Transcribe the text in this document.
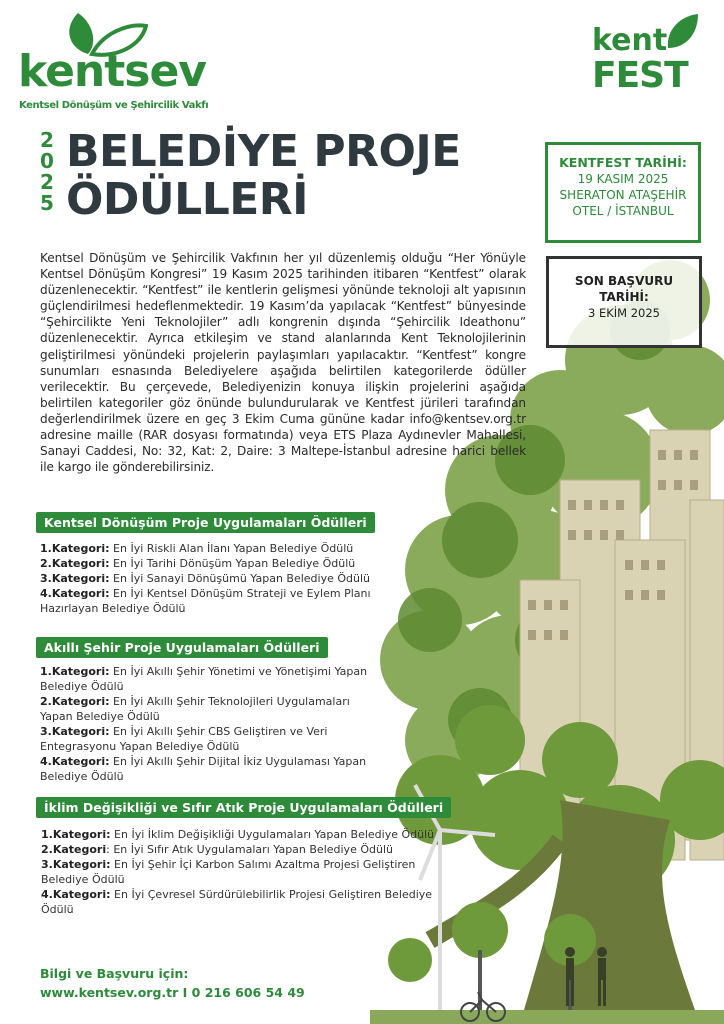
kentsev
Kentsel Dönüşüm ve Şehircilik Vakfı
kent
FEST
2
0
2
5
BELEDİYE PROJE
ÖDÜLLERİ
KENTFEST TARİHİ:
19 KASIM 2025
SHERATON ATAŞEHİR
OTEL / İSTANBUL
SON BAŞVURU
TARİHİ:
3 EKİM 2025
Kentsel Dönüşüm ve Şehircilik Vakfının her yıl düzenlemiş olduğu “Her Yönüyle Kentsel Dönüşüm Kongresi” 19 Kasım 2025 tarihinden itibaren “Kentfest” olarak düzenlenecektir. “Kentfest” ile kentlerin gelişmesi yönünde teknoloji alt yapısının güçlendirilmesi hedeflenmektedir. 19 Kasım’da yapılacak “Kentfest” bünyesinde “Şehircilikte Yeni Teknolojiler” adlı kongrenin dışında “Şehircilik Ideathonu” düzenlenecektir. Ayrıca etkileşim ve stand alanlarında Kent Teknolojilerinin geliştirilmesi yönündeki projelerin paylaşımları yapılacaktır. “Kentfest” kongre sunumları esnasında Belediyelere aşağıda belirtilen kategorilerde ödüller verilecektir. Bu çerçevede, Belediyenizin konuya ilişkin projelerini aşağıda belirtilen kategoriler göz önünde bulundurularak ve Kentfest jürileri tarafından değerlendirilmek üzere en geç 3 Ekim Cuma gününe kadar info@kentsev.org.tr adresine maille (RAR dosyası formatında) veya ETS Plaza Aydınevler Mahallesi, Sanayi Caddesi, No: 32, Kat: 2, Daire: 3 Maltepe-İstanbul adresine harici bellek ile kargo ile gönderebilirsiniz.
Kentsel Dönüşüm Proje Uygulamaları Ödülleri
1.Kategori: En İyi Riskli Alan İlanı Yapan Belediye Ödülü
2.Kategori: En İyi Tarihi Dönüşüm Yapan Belediye Ödülü
3.Kategori: En İyi Sanayi Dönüşümü Yapan Belediye Ödülü
4.Kategori: En İyi Kentsel Dönüşüm Strateji ve Eylem Planı Hazırlayan Belediye Ödülü
Akıllı Şehir Proje Uygulamaları Ödülleri
1.Kategori: En İyi Akıllı Şehir Yönetimi ve Yönetişimi Yapan Belediye Ödülü
2.Kategori: En İyi Akıllı Şehir Teknolojileri Uygulamaları Yapan Belediye Ödülü
3.Kategori: En İyi Akıllı Şehir CBS Geliştiren ve Veri Entegrasyonu Yapan Belediye Ödülü
4.Kategori: En İyi Akıllı Şehir Dijital İkiz Uygulaması Yapan Belediye Ödülü
İklim Değişikliği ve Sıfır Atık Proje Uygulamaları Ödülleri
1.Kategori: En İyi İklim Değişikliği Uygulamaları Yapan Belediye Ödülü
2.Kategori: En İyi Sıfır Atık Uygulamaları Yapan Belediye Ödülü
3.Kategori: En İyi Şehir İçi Karbon Salımı Azaltma Projesi Geliştiren Belediye Ödülü
4.Kategori: En İyi Çevresel Sürdürülebilirlik Projesi Geliştiren Belediye Ödülü
Bilgi ve Başvuru için:
www.kentsev.org.tr I 0 216 606 54 49
